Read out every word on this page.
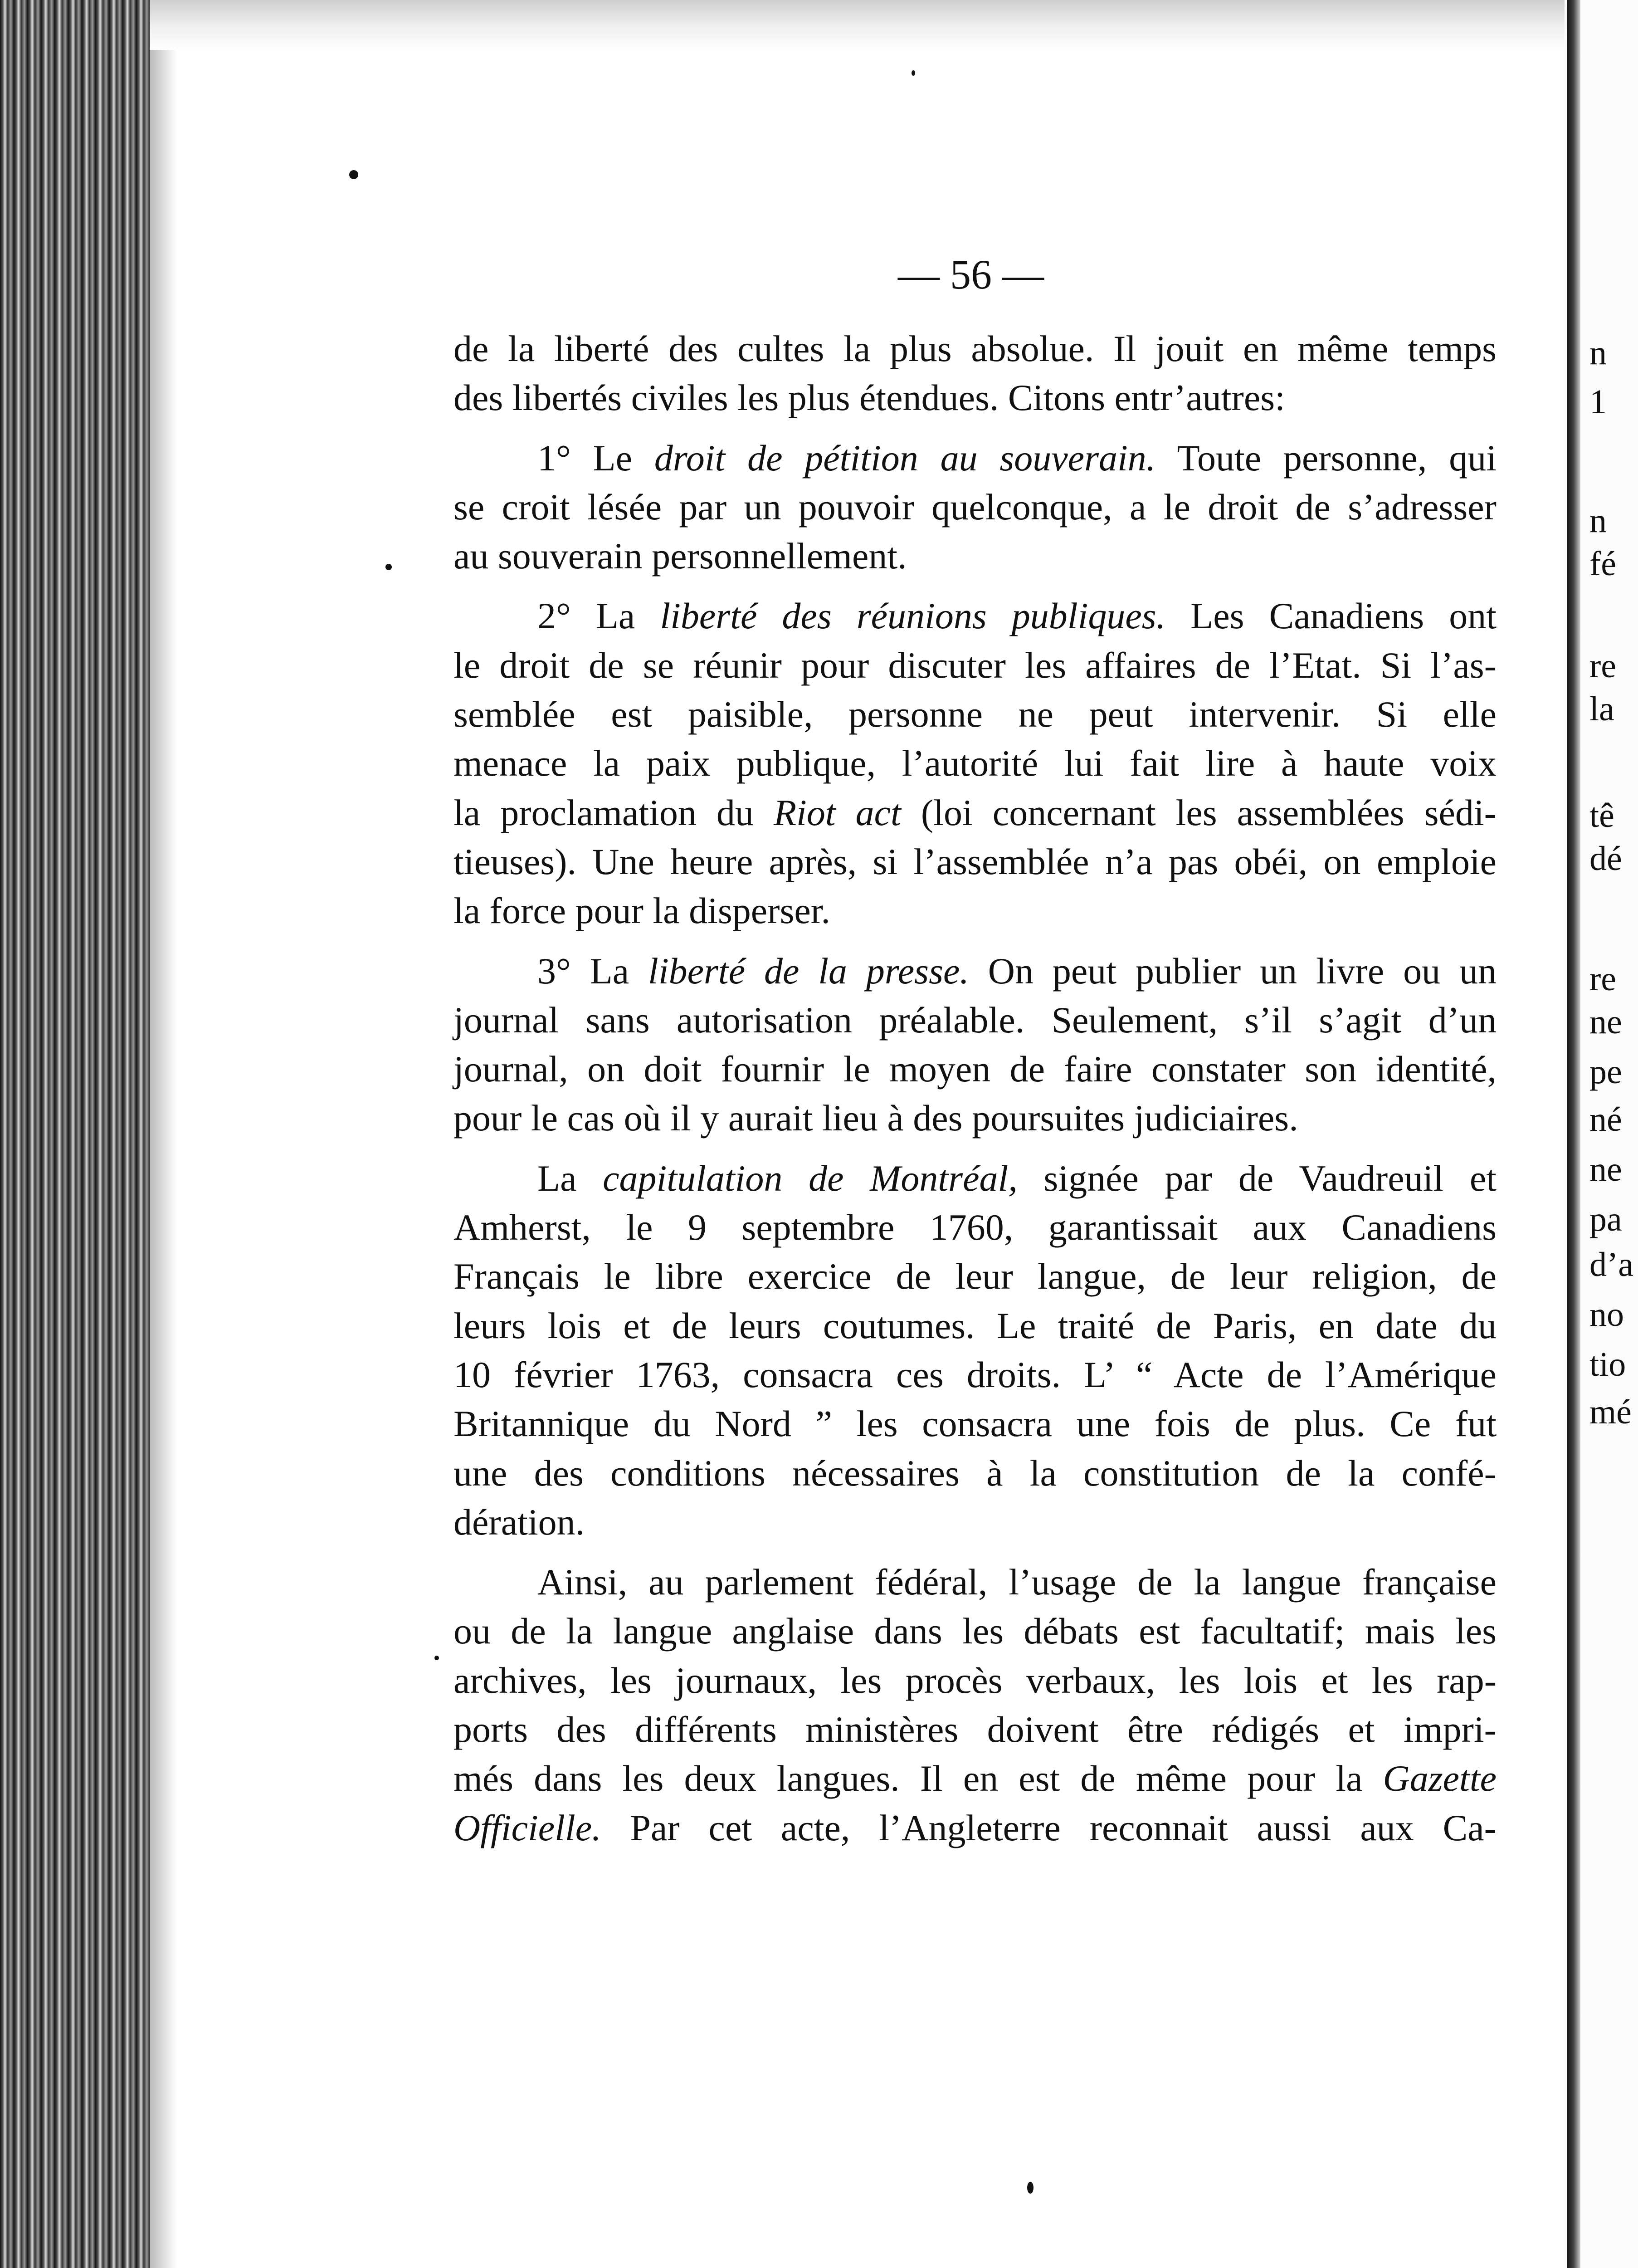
n
1
n
fé
re
la
tê
dé
re
ne
pe
né
ne
pa
d’a
no
tio
mé
— 56 —

de la liberté des cultes la plus absolue. Il jouit en même temps

des libertés civiles les plus étendues. Citons entr’autres:

1° Le droit de pétition au souverain. Toute personne, qui

se croit lésée par un pouvoir quelconque, a le droit de s’adresser

au souverain personnellement.

2° La liberté des réunions publiques. Les Canadiens ont

le droit de se réunir pour discuter les affaires de l’Etat. Si l’as-

semblée est paisible, personne ne peut intervenir. Si elle

menace la paix publique, l’autorité lui fait lire à haute voix

la proclamation du Riot act (loi concernant les assemblées sédi-

tieuses). Une heure après, si l’assemblée n’a pas obéi, on emploie

la force pour la disperser.

3° La liberté de la presse. On peut publier un livre ou un

journal sans autorisation préalable. Seulement, s’il s’agit d’un

journal, on doit fournir le moyen de faire constater son identité,

pour le cas où il y aurait lieu à des poursuites judiciaires.

La capitulation de Montréal, signée par de Vaudreuil et

Amherst, le 9 septembre 1760, garantissait aux Canadiens

Français le libre exercice de leur langue, de leur religion, de

leurs lois et de leurs coutumes. Le traité de Paris, en date du

10 février 1763, consacra ces droits. L’ “ Acte de l’Amérique

Britannique du Nord ” les consacra une fois de plus. Ce fut

une des conditions nécessaires à la constitution de la confé-

dération.

Ainsi, au parlement fédéral, l’usage de la langue française

ou de la langue anglaise dans les débats est facultatif; mais les

archives, les journaux, les procès verbaux, les lois et les rap-

ports des différents ministères doivent être rédigés et impri-

més dans les deux langues. Il en est de même pour la Gazette

Officielle. Par cet acte, l’Angleterre reconnait aussi aux Ca-
